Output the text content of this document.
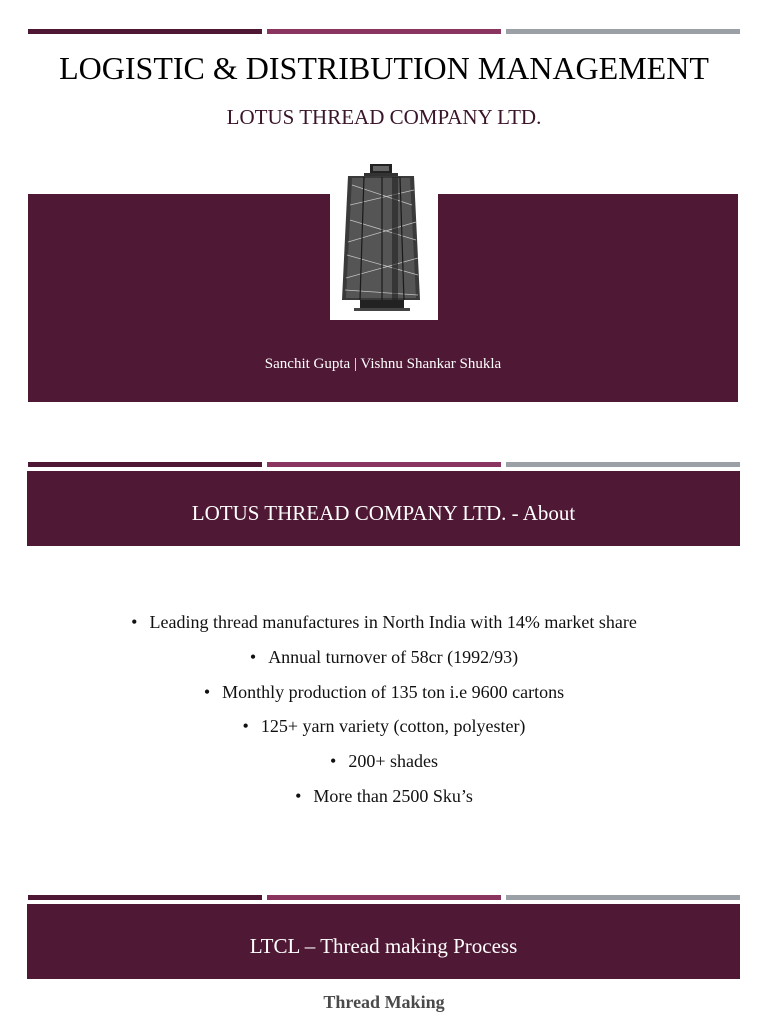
LOGISTIC & DISTRIBUTION MANAGEMENT
LOTUS THREAD COMPANY LTD.
Sanchit Gupta | Vishnu Shankar Shukla
LOTUS THREAD COMPANY LTD. - About
• Leading thread manufactures in North India with 14% market share
• Annual turnover of 58cr (1992/93)
• Monthly production of 135 ton i.e 9600 cartons
• 125+ yarn variety (cotton, polyester)
• 200+ shades
• More than 2500 Sku’s
LTCL – Thread making Process
Thread Making
